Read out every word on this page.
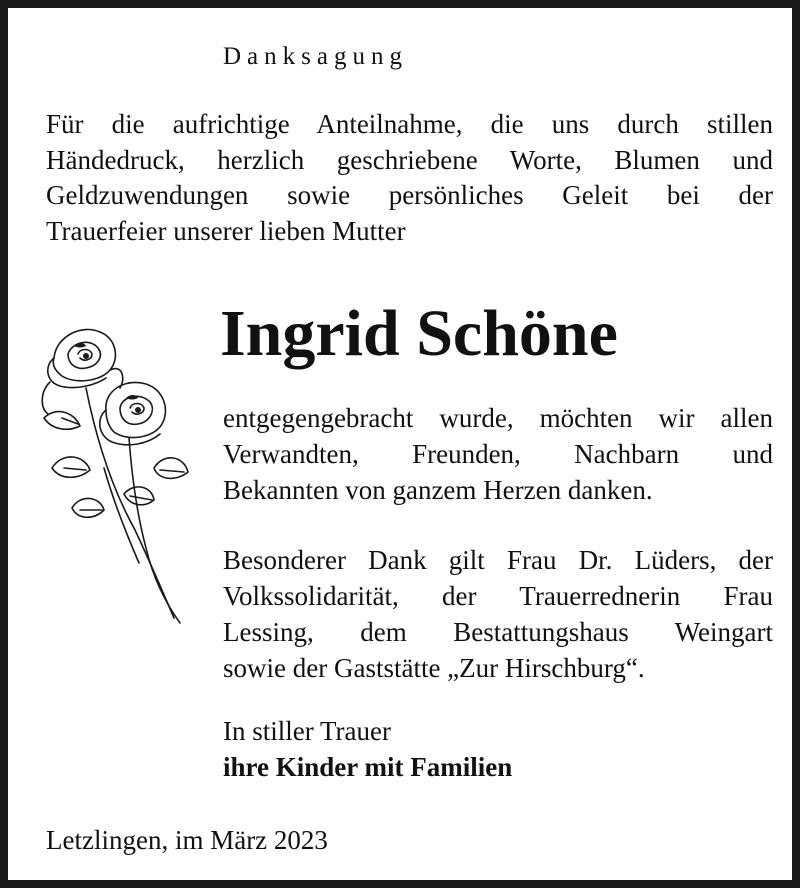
Danksagung
Für die aufrichtige Anteilnahme, die uns durch stillen
Händedruck, herzlich geschriebene Worte, Blumen und
Geldzuwendungen sowie persönliches Geleit bei der
Trauerfeier unserer lieben Mutter
Ingrid Schöne
entgegengebracht wurde, möchten wir allen
Verwandten, Freunden, Nachbarn und
Bekannten von ganzem Herzen danken.
Besonderer Dank gilt Frau Dr. Lüders, der
Volkssolidarität, der Trauerrednerin Frau
Lessing, dem Bestattungshaus Weingart
sowie der Gaststätte „Zur Hirschburg“.
In stiller Trauer
ihre Kinder mit Familien
Letzlingen, im März 2023
